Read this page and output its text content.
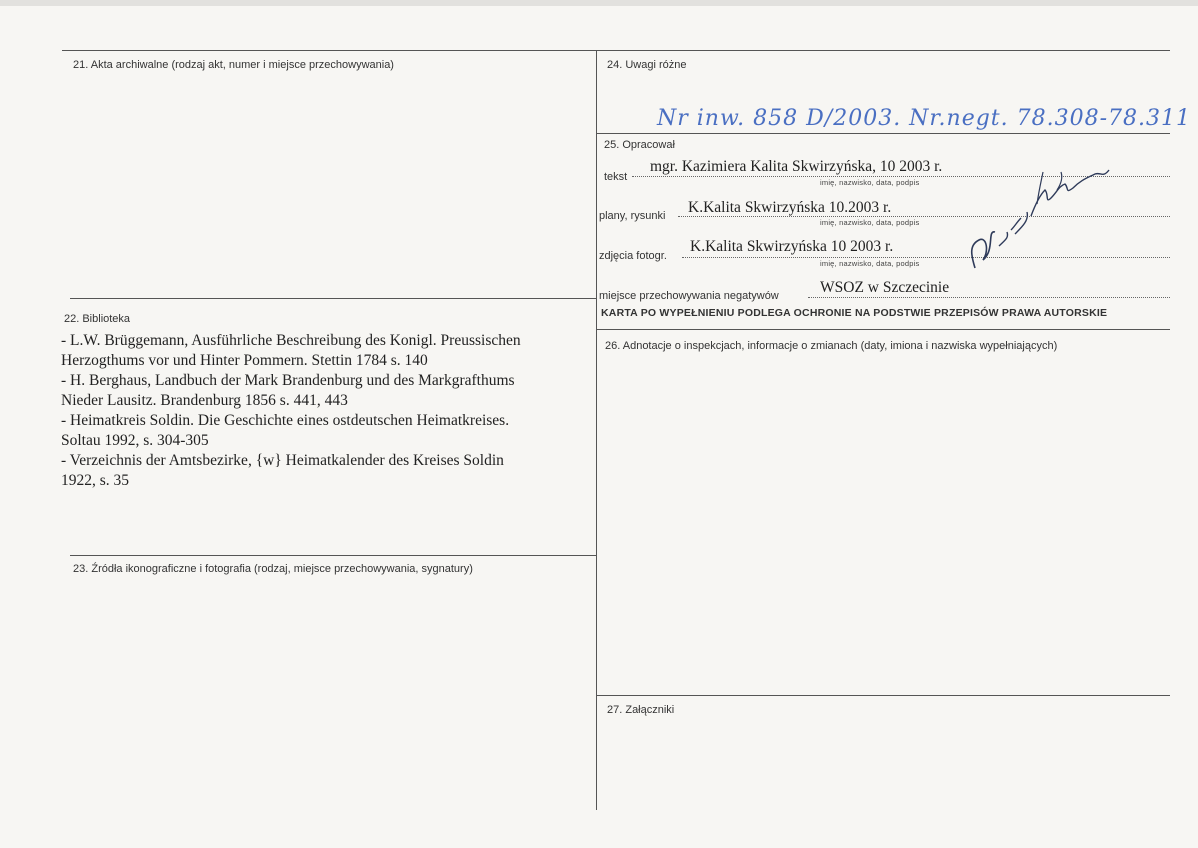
21. Akta archiwalne (rodzaj akt, numer i miejsce przechowywania)
22. Biblioteka
- L.W. Brüggemann, Ausführliche Beschreibung des Konigl. Preussischen
Herzogthums vor und Hinter Pommern. Stettin 1784 s. 140
- H. Berghaus, Landbuch der Mark Brandenburg und des Markgrafthums
Nieder Lausitz. Brandenburg 1856 s. 441, 443
- Heimatkreis Soldin. Die Geschichte eines ostdeutschen Heimatkreises.
Soltau 1992, s. 304-305
- Verzeichnis der Amtsbezirke, {w} Heimatkalender des Kreises Soldin
1922, s. 35
23. Źródła ikonograficzne i fotografia (rodzaj, miejsce przechowywania, sygnatury)
24. Uwagi różne
Nr inw. 858 D/2003. Nr.negt. 78.308-78.311
25. Opracował
tekst
mgr. Kazimiera Kalita Skwirzyńska, 10 2003 r.
imię, nazwisko, data, podpis
plany, rysunki K.Kalita Skwirzyńska 10.2003 r.
imię, nazwisko, data, podpis
zdjęcia fotogr.
K.Kalita Skwirzyńska 10 2003 r.
imię, nazwisko, data, podpis
miejsce przechowywania negatywów	WSOZ w Szczecinie
KARTA PO WYPEŁNIENIU PODLEGA OCHRONIE NA PODSTWIE PRZEPISÓW PRAWA AUTORSKIE
26. Adnotacje o inspekcjach, informacje o zmianach (daty, imiona i nazwiska wypełniających)
27. Załączniki
